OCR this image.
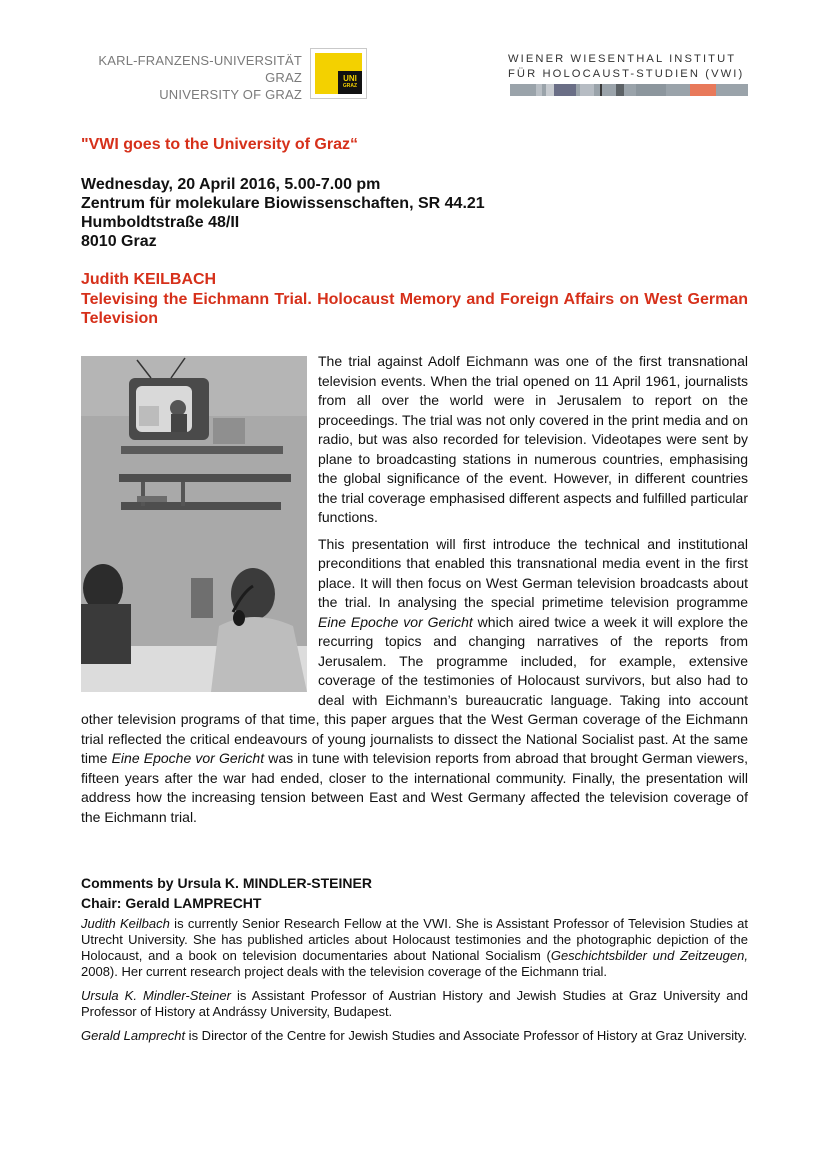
KARL-FRANZENS-UNIVERSITÄT GRAZ
UNIVERSITY OF GRAZ
UNI
GRAZ
WIENER WIESENTHAL INSTITUT
FÜR HOLOCAUST-STUDIEN (VWI)
"VWI goes to the University of Graz“
Wednesday, 20 April 2016, 5.00-7.00 pm
Zentrum für molekulare Biowissenschaften, SR 44.21
Humboldtstraße 48/II
8010 Graz
Judith KEILBACH
Televising the Eichmann Trial. Holocaust Memory and Foreign Affairs on West German Television

The trial against Adolf Eichmann was one of the first transnational television events. When the trial opened on 11 April 1961, journalists from all over the world were in Jerusalem to report on the proceedings. The trial was not only covered in the print media and on radio, but was also recorded for television. Videotapes were sent by plane to broadcasting stations in numerous countries, emphasising the global significance of the event. However, in different countries the trial coverage emphasised different aspects and fulfilled particular functions.

This presentation will first introduce the technical and institutional preconditions that enabled this transnational media event in the first place. It will then focus on West German television broadcasts about the trial. In analysing the special primetime television programme Eine Epoche vor Gericht which aired twice a week it will explore the recurring topics and changing narratives of the reports from Jerusalem. The programme included, for example, extensive coverage of the testimonies of Holocaust survivors, but also had to deal with Eichmann’s bureaucratic language. Taking into account other television programs of that time, this paper argues that the West German coverage of the Eichmann trial reflected the critical endeavours of young journalists to dissect the National Socialist past. At the same time Eine Epoche vor Gericht was in tune with television reports from abroad that brought German viewers, fifteen years after the war had ended, closer to the international community. Finally, the presentation will address how the increasing tension between East and West Germany affected the television coverage of the Eichmann trial.

Comments by Ursula K. MINDLER-STEINER
Chair: Gerald LAMPRECHT

Judith Keilbach is currently Senior Research Fellow at the VWI. She is Assistant Professor of Television Studies at Utrecht University. She has published articles about Holocaust testimonies and the photographic depiction of the Holocaust, and a book on television documentaries about National Socialism (Geschichtsbilder und Zeitzeugen, 2008). Her current research project deals with the television coverage of the Eichmann trial.

Ursula K. Mindler-Steiner is Assistant Professor of Austrian History and Jewish Studies at Graz University and Professor of History at Andrássy University, Budapest.

Gerald Lamprecht is Director of the Centre for Jewish Studies and Associate Professor of History at Graz University.
